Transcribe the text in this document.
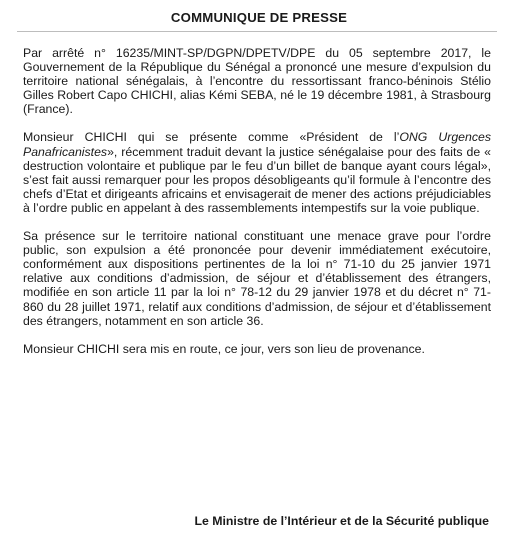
COMMUNIQUE DE PRESSE

Par arrêté n° 16235/MINT-SP/DGPN/DPETV/DPE du 05 septembre 2017, le Gouvernement de la République du Sénégal a prononcé une mesure d’expulsion du territoire national sénégalais, à l’encontre du ressortissant franco-béninois Stélio Gilles Robert Capo CHICHI, alias Kémi SEBA, né le 19 décembre 1981, à Strasbourg (France).

Monsieur CHICHI qui se présente comme «Président de l’ONG Urgences Panafricanistes», récemment traduit devant la justice sénégalaise pour des faits de « destruction volontaire et publique par le feu d’un billet de banque ayant cours légal», s’est fait aussi remarquer pour les propos désobligeants qu’il formule à l’encontre des chefs d’Etat et dirigeants africains et envisagerait de mener des actions préjudiciables à l’ordre public en appelant à des rassemblements intempestifs sur la voie publique.

Sa présence sur le territoire national constituant une menace grave pour l’ordre public, son expulsion a été prononcée pour devenir immédiatement exécutoire, conformément aux dispositions pertinentes de la loi n° 71-10 du 25 janvier 1971 relative aux conditions d’admission, de séjour et d’établissement des étrangers, modifiée en son article 11 par la loi n° 78-12 du 29 janvier 1978 et du décret n° 71-860 du 28 juillet 1971, relatif aux conditions d’admission, de séjour et d’établissement des étrangers, notamment en son article 36.

Monsieur CHICHI sera mis en route, ce jour, vers son lieu de provenance.

Le Ministre de l’Intérieur et de la Sécurité publique
